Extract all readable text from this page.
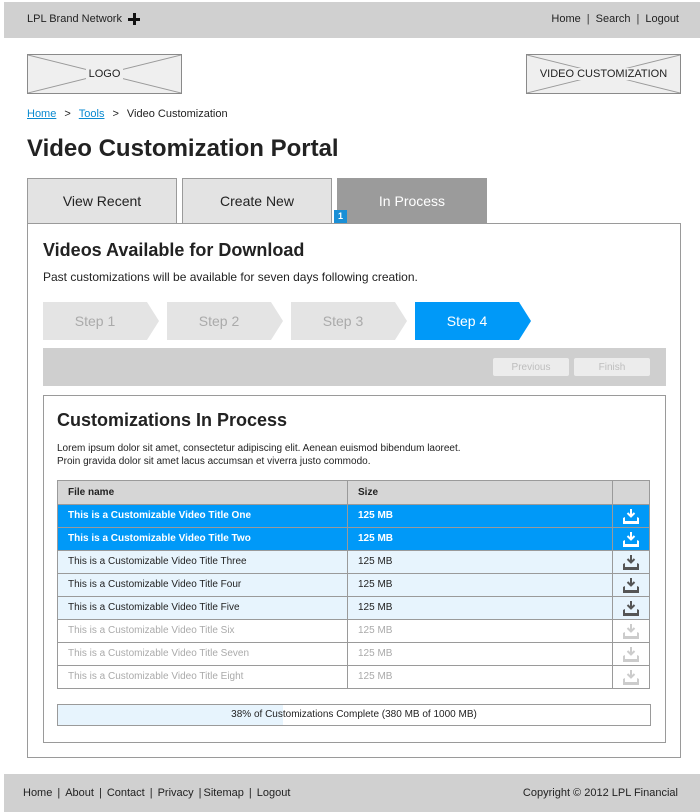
LPL Brand Network	Home | Search | Logout
LOGO	VIDEO CUSTOMIZATION
Home > Tools > Video Customization
Video Customization Portal
View Recent	Create New	In Process
1
Videos Available for Download
Past customizations will be available for seven days following creation.
Step 1	Step 2	Step 3	Step 4
Previous	Finish
Customizations In Process
Lorem ipsum dolor sit amet, consectetur adipiscing elit. Aenean euismod bibendum laoreet.
Proin gravida dolor sit amet lacus accumsan et viverra justo commodo.
File name	Size
This is a Customizable Video Title One	125 MB
This is a Customizable Video Title Two	125 MB
This is a Customizable Video Title Three	125 MB
This is a Customizable Video Title Four	125 MB
This is a Customizable Video Title Five	125 MB
This is a Customizable Video Title Six	125 MB
This is a Customizable Video Title Seven	125 MB
This is a Customizable Video Title Eight	125 MB
38% of Customizations Complete (380 MB of 1000 MB)
Home | About | Contact | Privacy | Sitemap | Logout	Copyright © 2012 LPL Financial
